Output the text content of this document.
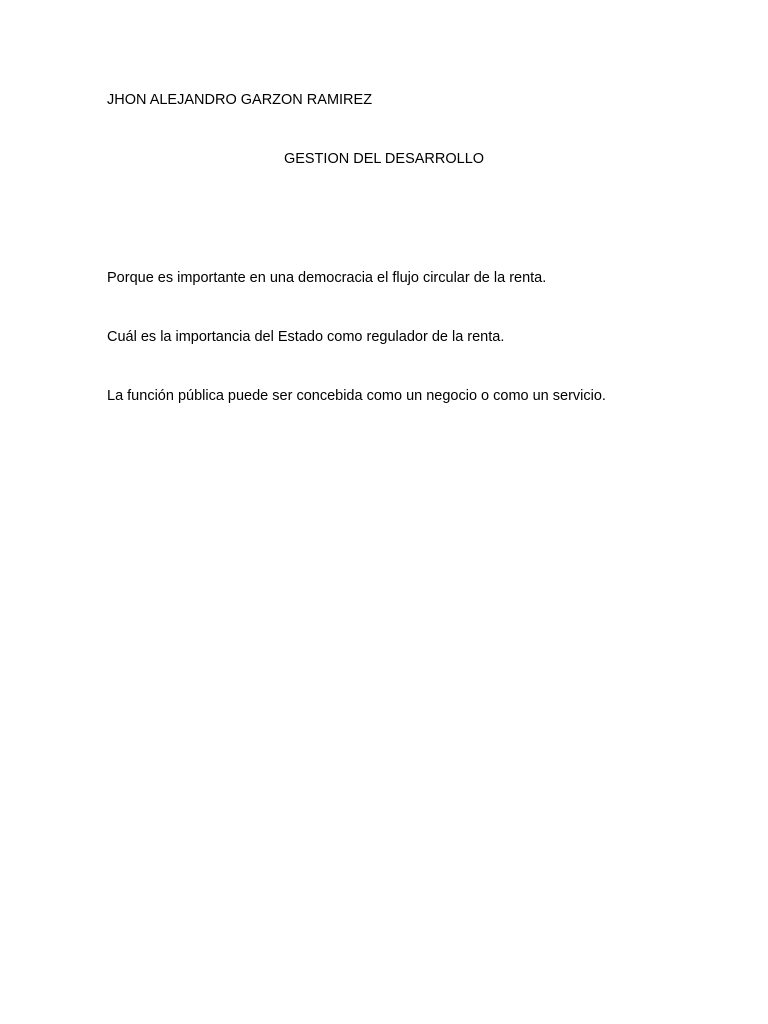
JHON ALEJANDRO GARZON RAMIREZ

GESTION DEL DESARROLLO

Porque es importante en una democracia el flujo circular de la renta.

Cuál es la importancia del Estado como regulador de la renta.

La función pública puede ser concebida como un negocio o como un servicio.
